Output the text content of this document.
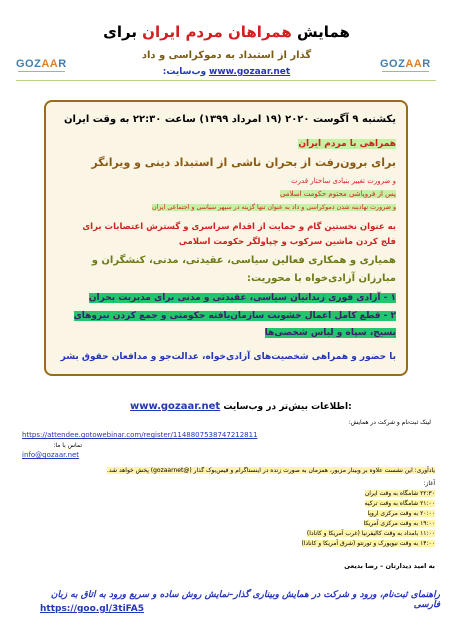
GOZAAR	GOZAAR
همایش همراهان مردم ایران برای
گذار از استبداد به دموکراسی و داد
www.gozaar.net وب‌سایت:
یکشنبه ۹ آگوست ۲۰۲۰ (۱۹ امرداد ۱۳۹۹) ساعت ۲۲:۳۰ به وقت ایران
همراهی با مردم ایران
برای برون‌رفت از بحران ناشی از استبداد دینی و ویرانگر
و ضرورت تغییر بنیادی ساختار قدرت
پس از فروپاشی محتوم حکومت اسلامی
و ضرورت نهادینه شدن دموکراسی و داد به عنوان تنها گزینه در سپهر سیاسی و اجتماعی ایران
به عنوان نخستین گام و حمایت از اقدام سراسری و گسترش اعتصابات برای
فلج کردن ماشین سرکوب و چپاولگر حکومت اسلامی
همیاری و همکاری فعالین سیاسی، عقیدتی، مدنی، کنشگران و
مبارزان آزادی‌خواه با محوریت:
۱ - آزادی فوری زندانیان سیاسی، عقیدتی و مدنی برای مدیریت بحران
۲ - قطع کامل اعمال خشونت سازمان‌یافته حکومتی و جمع کردن نیروهای
بسیج، سپاه و لباس شخصی‌ها
با حضور و همراهی شخصیت‌های آزادی‌خواه، عدالت‌جو و مدافعان حقوق بشر
www.gozaar.net اطلاعات بیش‌تر در وب‌سایت:
لینک ثبت‌نام و شرکت در همایش:
https://attendee.gotowebinar.com/register/1148807538747212811
تماس با ما:
info@gozaar.net
یادآوری: این نشست علاوه بر وبینار مزبور، همزمان به صورت زنده در اینستاگرام و فیس‌بوک گذار (@gozaarnet) پخش خواهد شد.
آغاز:
۲۲:۳۰ شامگاه به وقت ایران
۲۱:۰۰ شامگاه به وقت ترکیه
۲۰:۰۰ به وقت مرکزی اروپا
۱۹:۰۰ به وقت مرکزی آمریکا
۱۱:۰۰ بامداد به وقت کالیفرنیا (غرب آمریکا و کانادا)
۱۴:۰۰ به وقت نیویورک و تورنتو (شرق آمریکا و کانادا)
به امید دیدارتان – رضا بدیعی
راهنمای ثبت‌نام، ورود و شرکت در همایش وبیناری گذار–نمایش روش ساده و سریع ورود به اتاق به زبان فارسی
https://goo.gl/3tiFA5
